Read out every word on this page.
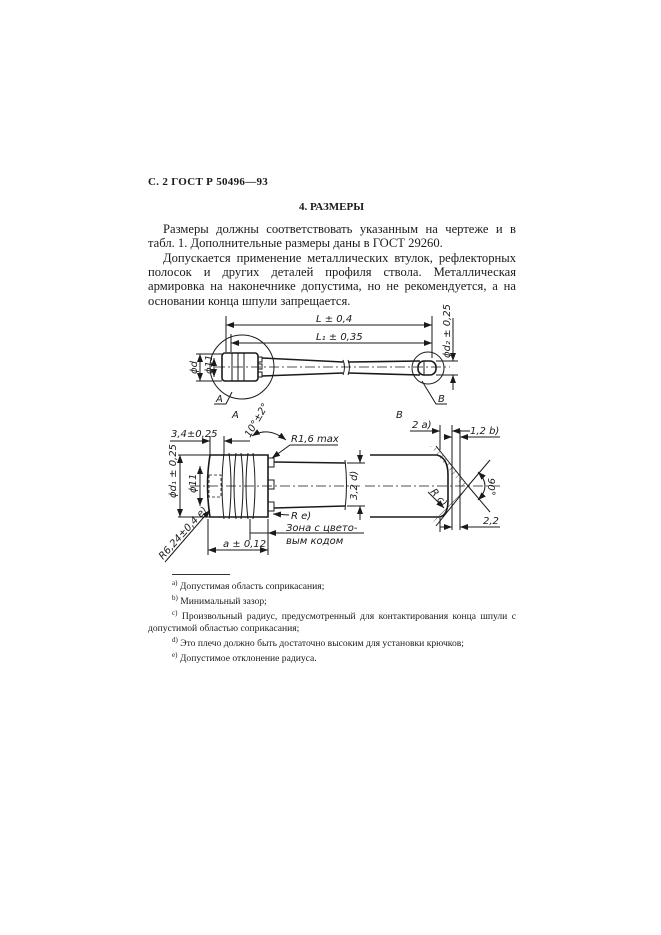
С. 2 ГОСТ Р 50496—93
4. РАЗМЕРЫ
Размеры должны соответствовать указанным на чертеже и в табл. 1. Дополнительные размеры даны в ГОСТ 29260.
Допускается применение металлических втулок, рефлекторных полосок и других деталей профиля ствола. Металлическая армировка на наконечнике допустима, но не рекомендуется, а на основании конца шпули запрещается.
L ± 0,4
L₁ ± 0,35
ϕd ϕ11
ϕd₂ ± 0,25
A	B
A
ϕd₁ ± 0,25 ϕ11
3,4±0,25	10°±2° R1,6 max
3,2 d)
R e)
Зона с цвето-
вым кодом
a ± 0,12
R6,24±0,4 e)
B
90°
2 a)
1,2 b)
2,2
R c)

$^{a)}$ Допустимая область соприкасания;

$^{b)}$ Минимальный зазор;

$^{c)}$ Произвольный радиус, предусмотренный для контактирования конца шпули с допустимой областью соприкасания;

$^{d)}$ Это плечо должно быть достаточно высоким для установки крючков;

$^{e)}$ Допустимое отклонение радиуса.
